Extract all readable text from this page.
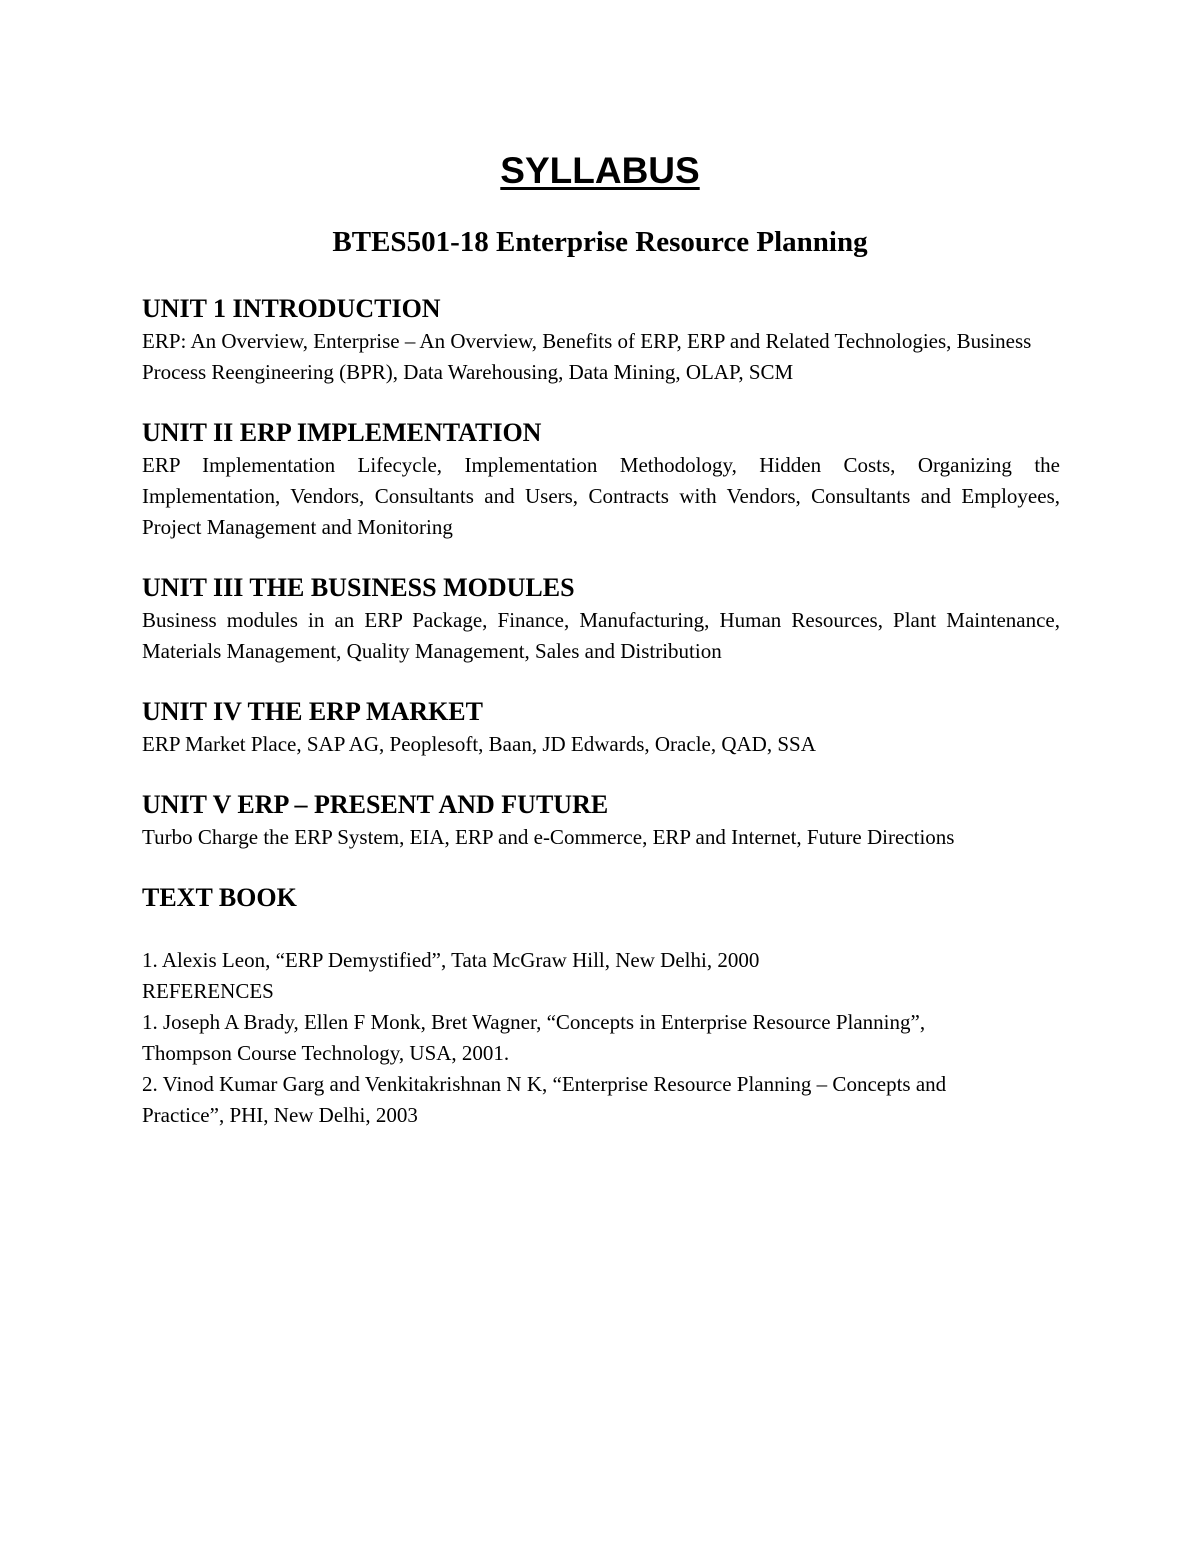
SYLLABUS
BTES501-18 Enterprise Resource Planning

UNIT 1 INTRODUCTION

ERP: An Overview, Enterprise – An Overview, Benefits of ERP, ERP and Related Technologies, Business Process Reengineering (BPR), Data Warehousing, Data Mining, OLAP, SCM

UNIT II ERP IMPLEMENTATION

ERP Implementation Lifecycle, Implementation Methodology, Hidden Costs, Organizing the Implementation, Vendors, Consultants and Users, Contracts with Vendors, Consultants and Employees, Project Management and Monitoring

UNIT III THE BUSINESS MODULES

Business modules in an ERP Package, Finance, Manufacturing, Human Resources, Plant Maintenance, Materials Management, Quality Management, Sales and Distribution

UNIT IV THE ERP MARKET

ERP Market Place, SAP AG, Peoplesoft, Baan, JD Edwards, Oracle, QAD, SSA

UNIT V ERP – PRESENT AND FUTURE

Turbo Charge the ERP System, EIA, ERP and e-Commerce, ERP and Internet, Future Directions

TEXT BOOK

1. Alexis Leon, “ERP Demystified”, Tata McGraw Hill, New Delhi, 2000

REFERENCES

1. Joseph A Brady, Ellen F Monk, Bret Wagner, “Concepts in Enterprise Resource Planning”,

Thompson Course Technology, USA, 2001.

2. Vinod Kumar Garg and Venkitakrishnan N K, “Enterprise Resource Planning – Concepts and

Practice”, PHI, New Delhi, 2003
